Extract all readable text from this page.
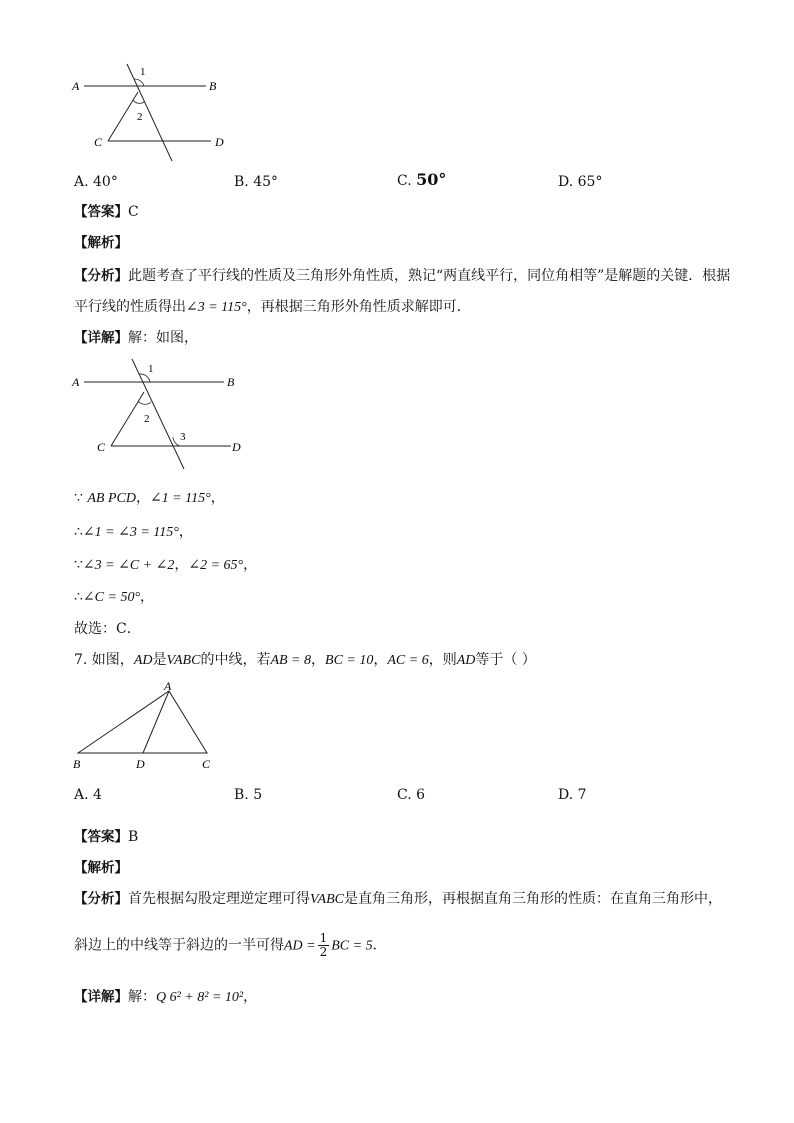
A	B
C	D
1
2
A. 40°	B. 45°	C. 50°	D. 65°
【答案】C
【解析】
【分析】此题考查了平行线的性质及三角形外角性质，熟记“两直线平行，同位角相等”是解题的关键．根据
平行线的性质得出∠3 = 115°，再根据三角形外角性质求解即可．
【详解】解：如图，
A	B
C	D
1
2
3
∵ AB PCD，∠1 = 115°，
∴∠1 = ∠3 = 115°，
∵∠3 = ∠C + ∠2，∠2 = 65°，
∴∠C = 50°，
故选：C．
7. 如图，AD是VABC的中线，若AB = 8，BC = 10，AC = 6，则AD等于（ ）
A
B	D	C
A. 4	B. 5	C. 6	D. 7
【答案】B
【解析】
【分析】首先根据勾股定理逆定理可得VABC是直角三角形，再根据直角三角形的性质：在直角三角形中，
斜边上的中线等于斜边的一半可得AD = $\frac{1}{2}$ BC = 5．
【详解】解：Q 6² + 8² = 10²，
